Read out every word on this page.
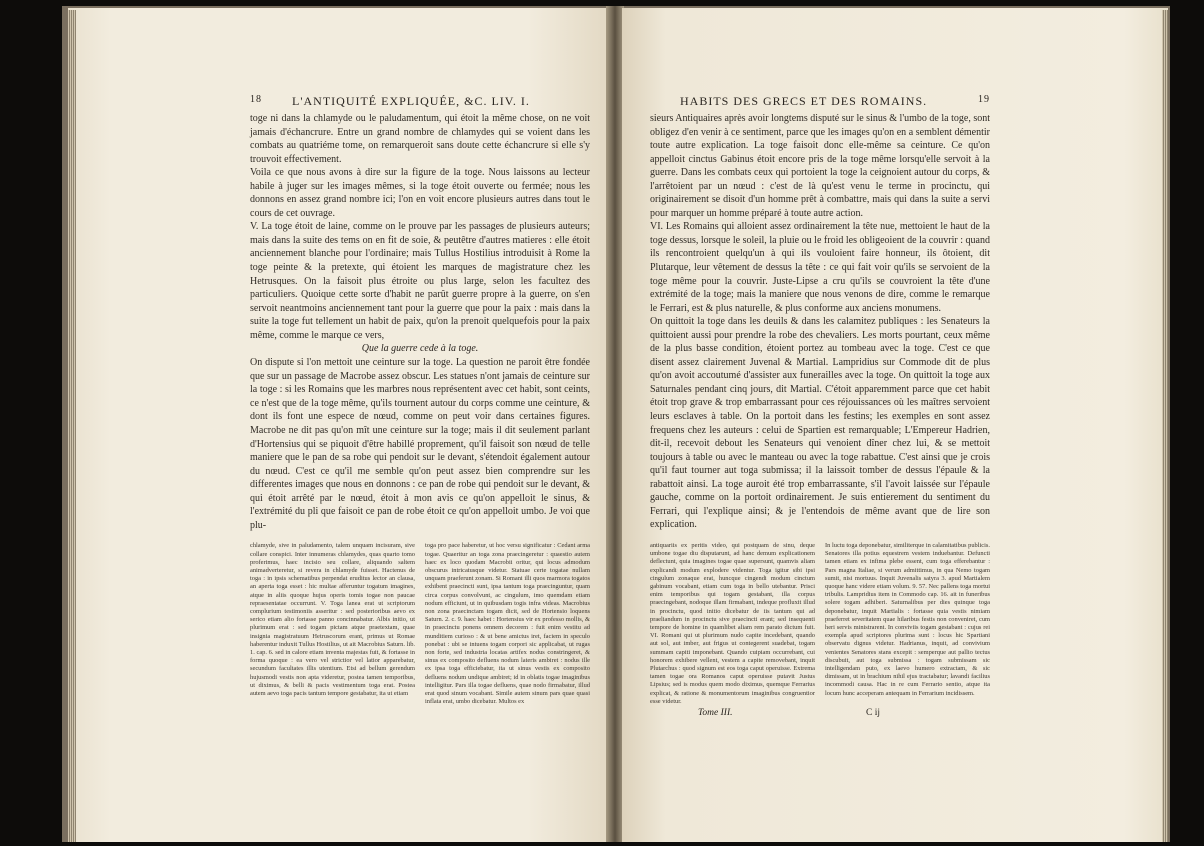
18	L'ANTIQUITÉ EXPLIQUÉE, &C. LIV. I.

toge ni dans la chlamyde ou le paludamentum, qui étoit la même chose, on ne voit jamais d'échancrure. Entre un grand nombre de chlamydes qui se voient dans les combats au quatriéme tome, on remarqueroit sans doute cette échancrure si elle s'y trouvoit effectivement.

Voila ce que nous avons à dire sur la figure de la toge. Nous laissons au lecteur habile à juger sur les images mêmes, si la toge étoit ouverte ou fermée; nous les donnons en assez grand nombre ici; l'on en voit encore plusieurs autres dans tout le cours de cet ouvrage.

V. La toge étoit de laine, comme on le prouve par les passages de plusieurs auteurs; mais dans la suite des tems on en fit de soie, & peutêtre d'autres matieres : elle étoit anciennement blanche pour l'ordinaire; mais Tullus Hostilius introduisit à Rome la toge peinte & la pretexte, qui étoient les marques de magistrature chez les Hetrusques. On la faisoit plus étroite ou plus large, selon les facultez des particuliers. Quoique cette sorte d'habit ne parût guerre propre à la guerre, on s'en servoit neantmoins anciennement tant pour la guerre que pour la paix : mais dans la suite la toge fut tellement un habit de paix, qu'on la prenoit quelquefois pour la paix même, comme le marque ce vers,

Que la guerre cede à la toge.

On dispute si l'on mettoit une ceinture sur la toge. La question ne paroit être fondée que sur un passage de Macrobe assez obscur. Les statues n'ont jamais de ceinture sur la toge : si les Romains que les marbres nous représentent avec cet habit, sont ceints, ce n'est que de la toge même, qu'ils tournent autour du corps comme une ceinture, & dont ils font une espece de nœud, comme on peut voir dans certaines figures. Macrobe ne dit pas qu'on mît une ceinture sur la toge; mais il dit seulement parlant d'Hortensius qui se piquoit d'être habillé proprement, qu'il faisoit son nœud de telle maniere que le pan de sa robe qui pendoit sur le devant, s'étendoit également autour du nœud. C'est ce qu'il me semble qu'on peut assez bien comprendre sur les differentes images que nous en donnons : ce pan de robe qui pendoit sur le devant, & qui étoit arrêté par le nœud, étoit à mon avis ce qu'on appelloit le sinus, & l'extrémité du pli que faisoit ce pan de robe étoit ce qu'on appelloit umbo. Je voi que plu-

chlamyde, sive in paludamento, talem unquam incisuram, sive collare conspici. Inter innumeras chlamydes, quas quarto tomo proferimus, haec incisio seu collare, aliquando saltem animadverteretur, si revera in chlamyde fuisset. Hactenus de toga : in ipsis schematibus perpendat eruditus lector an clausa, an aperta toga esset : hic multae afferuntur togatum imagines, atque in aliis quoque hujus operis tomis togae non paucae repraesentatae occurrunt. V. Toga lanea erat ut scriptorum complurium testimoniis asseritur : sed posterioribus aevo ex serico etiam alio fortasse panno concinnabatur. Albis initio, ut plurimum erat : sed togam pictam atque praetextam, quae insignia magistratuum Hetruscorum erant, primus ut Romae haberentur induxit Tullus Hostilius, ut ait Macrobius Saturn. lib. 1. cap. 6. sed in calore etiam inventa majestas fuit, & fortasse in forma quoque : ea vero vel strictior vel latior apparebatur, secundum facultates illis utentium. Etsi ad bellum gerendum hujusmodi vestis non apta videretur, postea tamen temporibus, ut diximus, & belli & pacis vestimentum toga erat. Postea autem aevo toga pacis tantum tempore gestabatur, ita ut etiam
toga pro pace haberetur, ut hoc versu significatur : Cedant arma togae. Quaeritur an toga zona praecingeretur : quaestio autem haec ex loco quodam Macrobii oritur, qui locus admodum obscurus intricatusque videtur. Statuae certe togatae nullam unquam praeferunt zonam. Si Romani illi quos marmora togatos exhibent praecincti sunt, ipsa tantum toga praecinguntur, quam circa corpus convolvunt, ac cingulum, imo quemdam etiam nodum efficiunt, ut in quibusdam togis infra videas. Macrobius non zona praecinctam togam dicit, sed de Hortensio loquens Saturn. 2. c. 9. haec habet : Hortensius vir ex professo mollis, & in praecinctu ponens omnem decorem : fuit enim vestitu ad munditiem curioso : & ut bene amictus iret, faciem in speculo ponebat : ubi se intuens togam corpori sic applicabat, ut rugas non forte, sed industria locatas artifex nodus constringeret, & sinus ex composito defluens nodum lateris ambiret : nodus ille ex ipsa toga efficiebatur, ita ut sinus vestis ex composito defluens nodum undique ambiret; id in oblatis togae imaginibus intelligitur. Pars illa togae defluens, quae nodo firmabatur, illud erat quod sinum vocabant. Simile autem sinum pars quae quasi inflata erat, umbo dicebatur. Multos ex
HABITS DES GRECS ET DES ROMAINS.	19

sieurs Antiquaires après avoir longtems disputé sur le sinus & l'umbo de la toge, sont obligez d'en venir à ce sentiment, parce que les images qu'on en a semblent démentir toute autre explication. La toge faisoit donc elle-même sa ceinture. Ce qu'on appelloit cinctus Gabinus étoit encore pris de la toge même lorsqu'elle servoit à la guerre. Dans les combats ceux qui portoient la toge la ceignoient autour du corps, & l'arrêtoient par un nœud : c'est de là qu'est venu le terme in procinctu, qui originairement se disoit d'un homme prêt à combattre, mais qui dans la suite a servi pour marquer un homme préparé à toute autre action.

VI. Les Romains qui alloient assez ordinairement la tête nue, mettoient le haut de la toge dessus, lorsque le soleil, la pluie ou le froid les obligeoient de la couvrir : quand ils rencontroient quelqu'un à qui ils vouloient faire honneur, ils ôtoient, dit Plutarque, leur vêtement de dessus la tête : ce qui fait voir qu'ils se servoient de la toge même pour la couvrir. Juste-Lipse a cru qu'ils se couvroient la tête d'une extrémité de la toge; mais la maniere que nous venons de dire, comme le remarque le Ferrari, est & plus naturelle, & plus conforme aux anciens monumens.

On quittoit la toge dans les deuils & dans les calamitez publiques : les Senateurs la quittoient aussi pour prendre la robe des chevaliers. Les morts pourtant, ceux même de la plus basse condition, étoient portez au tombeau avec la toge. C'est ce que disent assez clairement Juvenal & Martial. Lampridius sur Commode dit de plus qu'on avoit accoutumé d'assister aux funerailles avec la toge. On quittoit la toge aux Saturnales pendant cinq jours, dit Martial. C'étoit apparemment parce que cet habit étoit trop grave & trop embarrassant pour ces réjouissances où les maîtres servoient leurs esclaves à table. On la portoit dans les festins; les exemples en sont assez frequens chez les auteurs : celui de Spartien est remarquable; L'Empereur Hadrien, dit-il, recevoit debout les Senateurs qui venoient dîner chez lui, & se mettoit toujours à table ou avec le manteau ou avec la toge rabattue. C'est ainsi que je crois qu'il faut tourner aut toga submissa; il la laissoit tomber de dessus l'épaule & la rabattoit ainsi. La toge auroit été trop embarrassante, s'il l'avoit laissée sur l'épaule gauche, comme on la portoit ordinairement. Je suis entierement du sentiment du Ferrari, qui l'explique ainsi; & je l'entendois de même avant que de lire son explication.

antiquariis ex peritis video, qui postquam de sinu, deque umbone togae diu disputarunt, ad hanc demum explicationem deflectunt, quia imagines togae quae supersunt, quamvis aliam explicandi modum explodere videntur. Toga igitur sibi ipsi cingulum zonaque erat, huncque cingendi modum cinctum gabinum vocabant, etiam cum toga in bello utebantur. Prisci enim temporibus qui togam gestabant, illa corpus praecingebant, nodoque illam firmabant, indeque profluxit illud in procinctu, quod initio dicebatur de iis tantum qui ad praeliandum in procinctu sive praecincti erant; sed insequenti tempore de homine in quamlibet aliam rem parato dictum fuit. VI. Romani qui ut plurimum nudo capite incedebant, quando aut sol, aut imber, aut frigus ut contegerent suadebat, togam summam capiti imponebant. Quando cuipiam occurrebant, cui honorem exhibere vellent, vestem a capite removebant, inquit Plutarchus : quod signum est eos toga caput operuisse. Extrema tamen togae ora Romanos caput operuisse putavit Justus Lipsius; sed is modus quem modo diximus, quemque Ferrarius explicat, & ratione & monumentorum imaginibus congruentior esse videtur.
In luctu toga deponebatur, similiterque in calamitatibus publicis. Senatores illa potius equestrem vestem induebantur. Defuncti tamen etiam ex infima plebe essent, cum toga efferebantur : Pars magna Italiae, si verum admittimus, in qua Nemo togam sumit, nisi mortuus. Inquit Juvenalis satyra 3. apud Martialem quoque hanc videre etiam volum. 9. 57. Nec pallens toga mortui tribulis. Lampridius item in Commodo cap. 16. ait in funeribus solere togam adhiberi. Saturnalibus per dies quinque toga deponebatur, inquit Martialis : fortasse quia vestis nimiam praeferret severitatem quae hilaribus festis non conveniret, cum heri servis ministrarent. In conviviis togam gestabant : cujus rei exempla apud scriptores plurima sunt : locus hic Spartiani observatu dignus videtur. Hadrianus, inquit, ad convivium venientes Senatores stans excepit : semperque aut pallio tectus discubuit, aut toga submissa : togam submissam sic intelligendam puto, ex laevo humero extractam, & sic dimissam, ut in brachium nihil ejus tractabatur; lavandi facilius incommodi causa. Hac in re cum Ferrario sentio, atque ita locum hunc acceperam antequam in Ferrarium incidissem.
Tome III.	C ij
